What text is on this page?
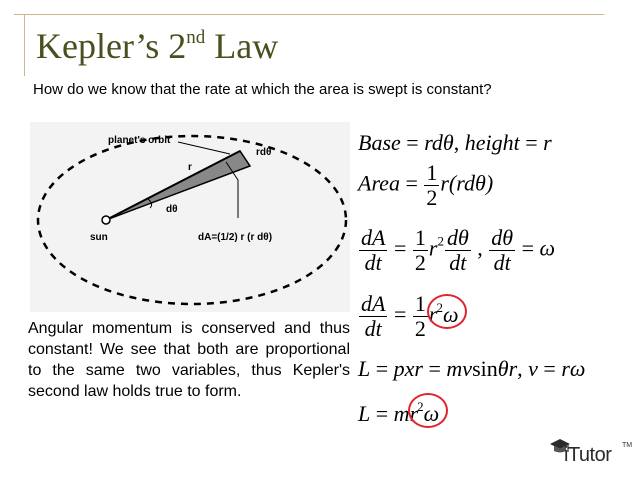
Kepler’s 2nd Law
How do we know that the rate at which the area is swept is constant?
planet's orbit
rdθ
r
dθ
sun	dA=(1/2) r (r dθ)
Angular momentum is conserved and thus constant! We see that both are proportional to the same two variables, thus Kepler's second law holds true to form.
Base = rdθ, height = r
Area = $\frac{1}{2} r(rd\theta)$
$\frac{dA}{dt} = \frac{1}{2} r^2 \frac{d\theta}{dt}$ , $\frac{d\theta}{dt} = \omega$
$\frac{dA}{dt} = \frac{1}{2} r^2\omega$
L = pxr = mvsinθr, v = rω
$L = mr^2\omega$
iTutor TM
